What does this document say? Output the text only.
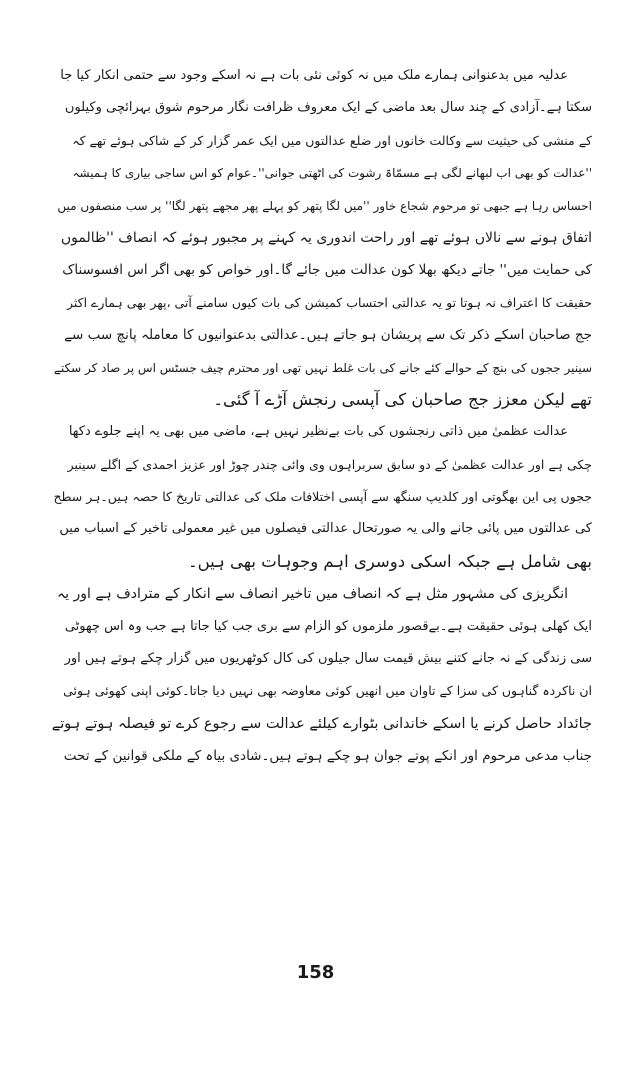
عدلیہ میں بدعنوانی ہمارے ملک میں نہ کوئی نئی بات ہے نہ اسکے وجود سے حتمی انکار کیا جا
سکتا ہے۔آزادی کے چند سال بعد ماضی کے ایک معروف ظرافت نگار مرحوم شوق بہرائچی وکیلوں
کے منشی کی حیثیت سے وکالت خانوں اور ضلع عدالتوں میں ایک عمر گزار کر کے شاکی ہوئے تھے کہ
''عدالت کو بھی اب لبھانے لگی ہے مسمّاۃ رشوت کی اٹھتی جوانی''۔عوام کو اس ساجی بیاری کا ہمیشہ
احساس رہا ہے جبھی تو مرحوم شجاع خاور ''میں لگا پتھر کو پہلے پھر مجھے پتھر لگا'' پر سب منصفوں میں
اتفاق ہونے سے نالاں ہوئے تھے اور راحت اندوری یہ کہنے پر مجبور ہوئے کہ انصاف ''ظالموں
کی حمایت میں'' جاتے دیکھ بھلا کون عدالت میں جائے گا۔اور خواص کو بھی اگر اس افسوسناک
حقیقت کا اعتراف نہ ہوتا تو یہ عدالتی احتساب کمیشن کی بات کیوں سامنے آتی ،پھر بھی ہمارے اکثر
جج صاحبان اسکے ذکر تک سے پریشان ہو جاتے ہیں۔عدالتی بدعنوانیوں کا معاملہ پانچ سب سے
سینیر ججوں کی بنچ کے حوالے کئے جانے کی بات غلط نہیں تھی اور محترم چیف جسٹس اس پر صاد کر سکتے
تھے لیکن معزز جج صاحبان کی آپسی رنجش آڑے آ گئی۔
عدالت عظمیٰ میں ذاتی رنجشوں کی بات بےنظیر نہیں ہے، ماضی میں بھی یہ اپنے جلوے دکھا
چکی ہے اور عدالت عظمیٰ کے دو سابق سربراہوں وی وائی چندر چوڑ اور عزیز احمدی کے اگلے سینیر
ججوں پی این بھگوتی اور کلدیپ سنگھ سے آپسی اختلافات ملک کی عدالتی تاریخ کا حصہ ہیں۔ہر سطح
کی عدالتوں میں پائی جانے والی یہ صورتحال عدالتی فیصلوں میں غیر معمولی تاخیر کے اسباب میں
بھی شامل ہے جبکہ اسکی دوسری اہم وجوہات بھی ہیں۔
انگریزی کی مشہور مثل ہے کہ انصاف میں تاخیر انصاف سے انکار کے مترادف ہے اور یہ
ایک کھلی ہوئی حقیقت ہے۔بےقصور ملزموں کو الزام سے بری جب کیا جاتا ہے جب وہ اس چھوٹی
سی زندگی کے نہ جانے کتنے بیش قیمت سال جیلوں کی کال کوٹھریوں میں گزار چکے ہوتے ہیں اور
ان ناکردہ گناہوں کی سزا کے تاوان میں انھیں کوئی معاوضہ بھی نہیں دیا جاتا۔کوئی اپنی کھوئی ہوئی
جائداد حاصل کرنے یا اسکے خاندانی بٹوارے کیلئے عدالت سے رجوع کرے تو فیصلہ ہوتے ہوتے
جناب مدعی مرحوم اور انکے پوتے جوان ہو چکے ہوتے ہیں۔شادی بیاہ کے ملکی قوانین کے تحت
158
